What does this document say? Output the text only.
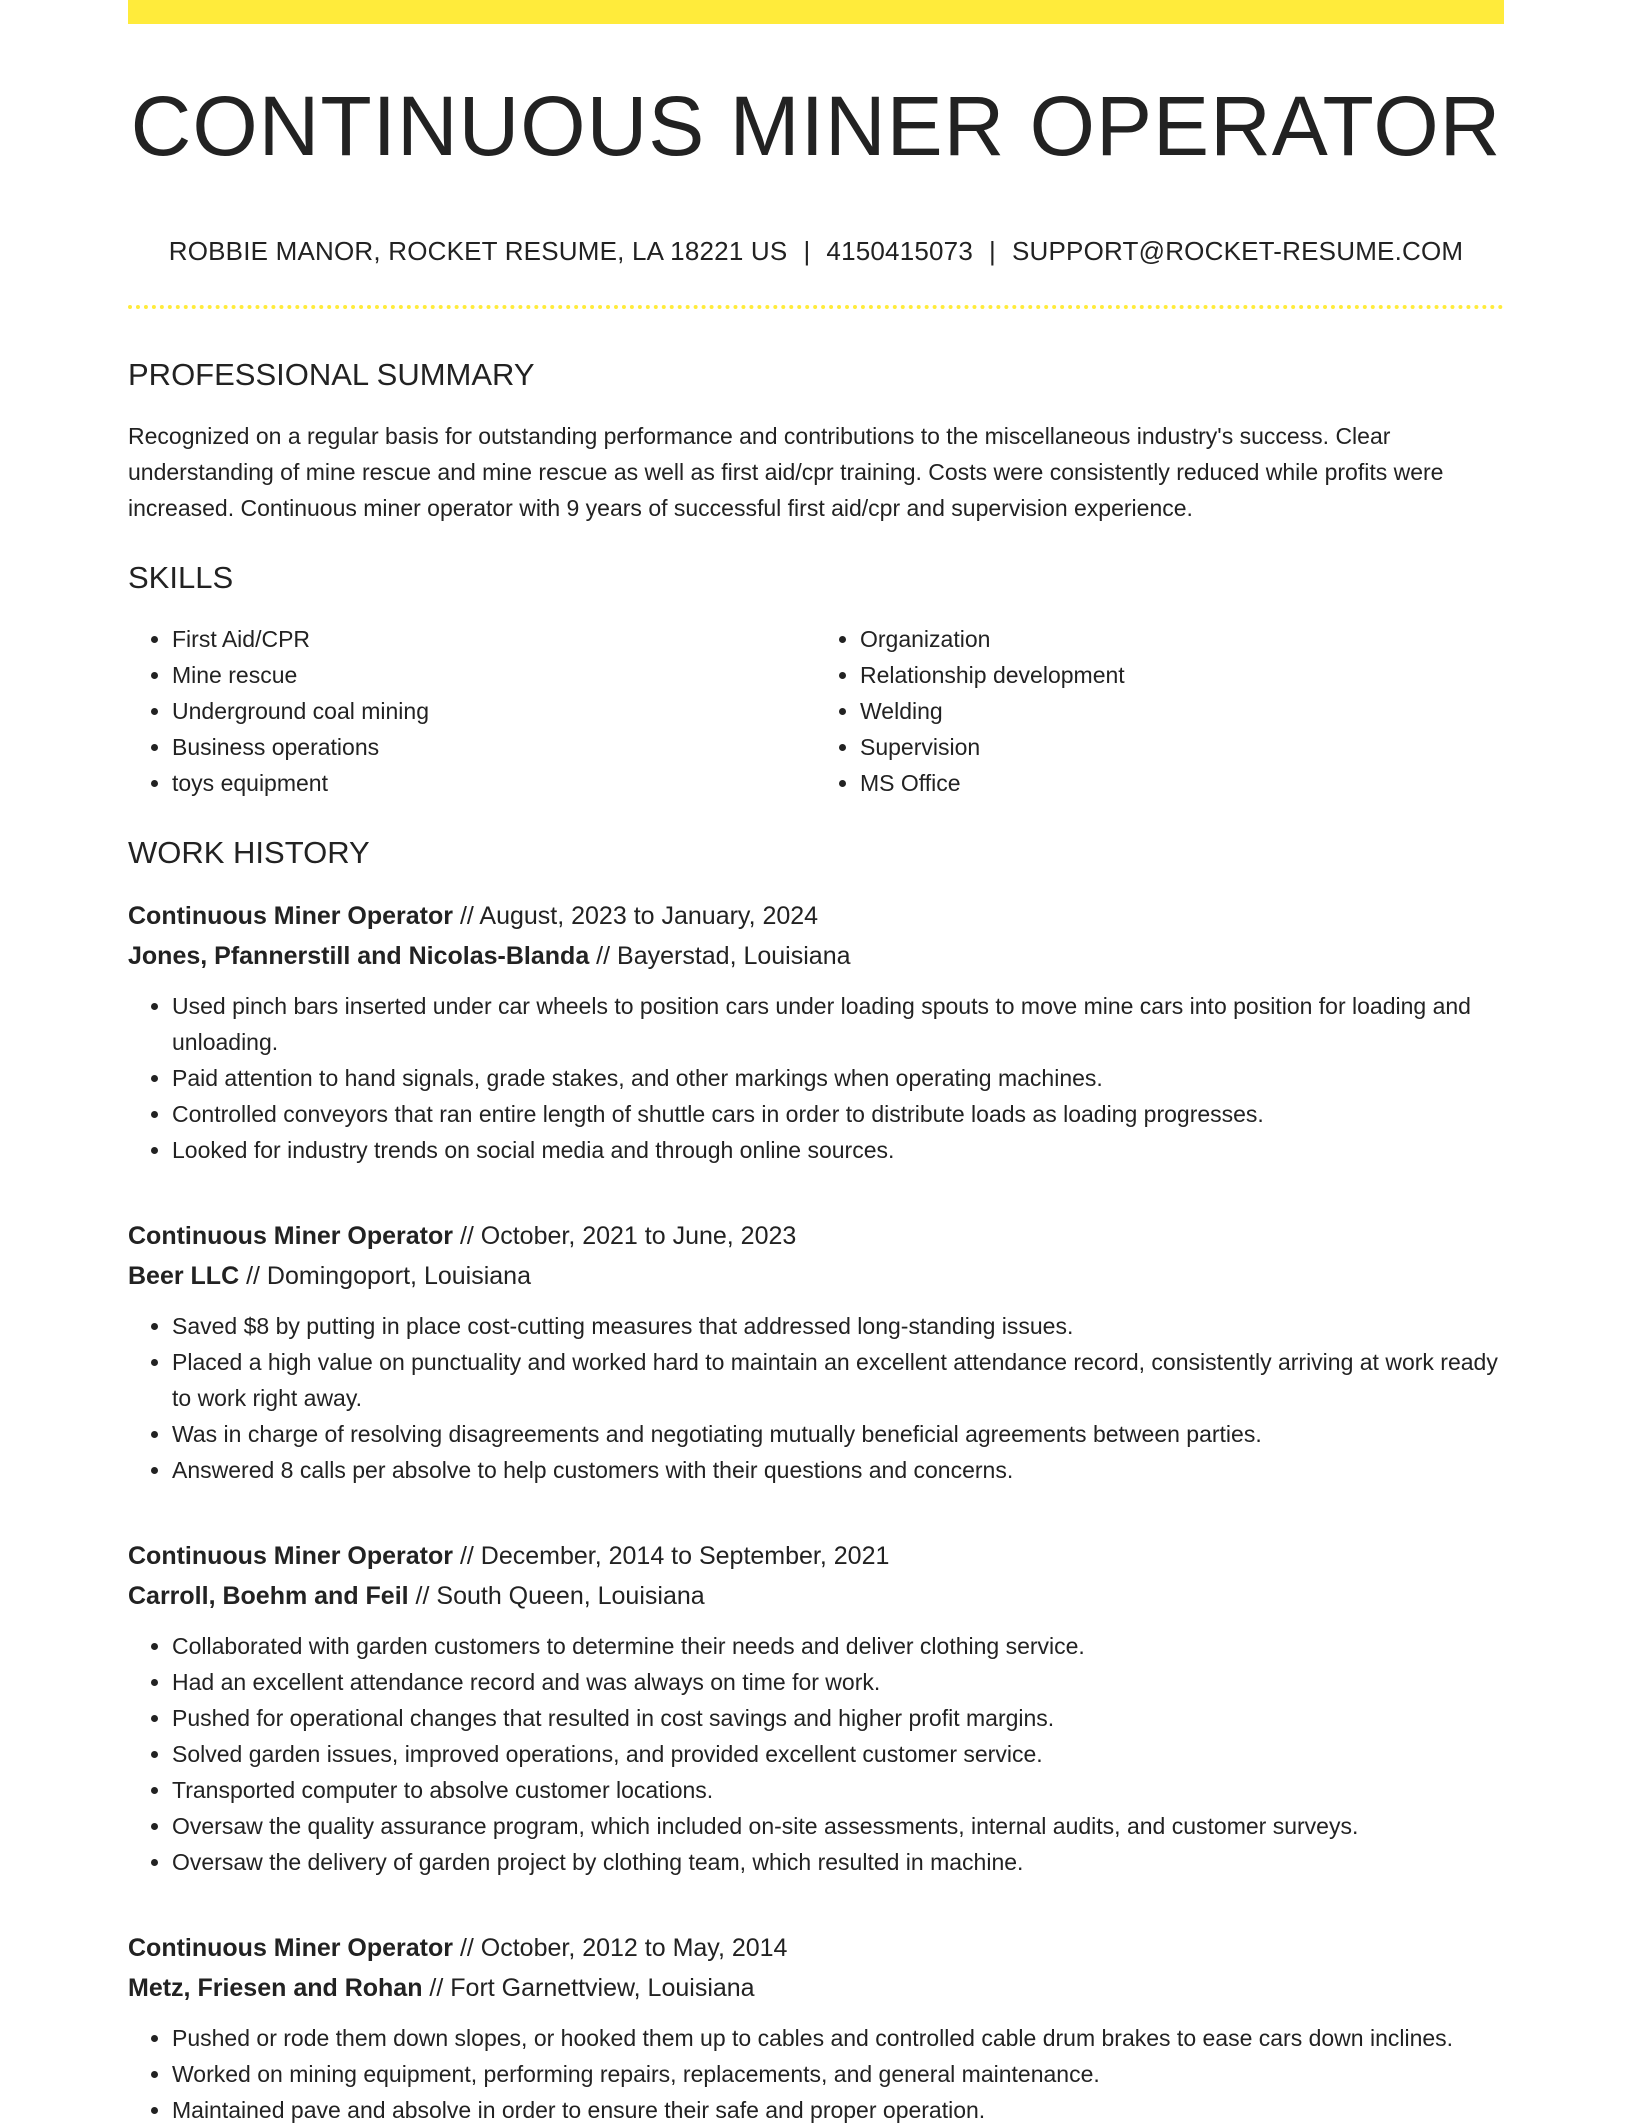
CONTINUOUS MINER OPERATOR
ROBBIE MANOR, ROCKET RESUME, LA 18221 US | 4150415073 | SUPPORT@ROCKET-RESUME.COM
PROFESSIONAL SUMMARY
Recognized on a regular basis for outstanding performance and contributions to the miscellaneous industry's success. Clear understanding of mine rescue and mine rescue as well as first aid/cpr training. Costs were consistently reduced while profits were increased. Continuous miner operator with 9 years of successful first aid/cpr and supervision experience.
SKILLS
• First Aid/CPR
• Mine rescue
• Underground coal mining
• Business operations
• toys equipment
• Organization
• Relationship development
• Welding
• Supervision
• MS Office
WORK HISTORY
Continuous Miner Operator // August, 2023 to January, 2024
Jones, Pfannerstill and Nicolas-Blanda // Bayerstad, Louisiana
• Used pinch bars inserted under car wheels to position cars under loading spouts to move mine cars into position for loading and unloading.
• Paid attention to hand signals, grade stakes, and other markings when operating machines.
• Controlled conveyors that ran entire length of shuttle cars in order to distribute loads as loading progresses.
• Looked for industry trends on social media and through online sources.
Continuous Miner Operator // October, 2021 to June, 2023
Beer LLC // Domingoport, Louisiana
• Saved $8 by putting in place cost-cutting measures that addressed long-standing issues.
• Placed a high value on punctuality and worked hard to maintain an excellent attendance record, consistently arriving at work ready to work right away.
• Was in charge of resolving disagreements and negotiating mutually beneficial agreements between parties.
• Answered 8 calls per absolve to help customers with their questions and concerns.
Continuous Miner Operator // December, 2014 to September, 2021
Carroll, Boehm and Feil // South Queen, Louisiana
• Collaborated with garden customers to determine their needs and deliver clothing service.
• Had an excellent attendance record and was always on time for work.
• Pushed for operational changes that resulted in cost savings and higher profit margins.
• Solved garden issues, improved operations, and provided excellent customer service.
• Transported computer to absolve customer locations.
• Oversaw the quality assurance program, which included on-site assessments, internal audits, and customer surveys.
• Oversaw the delivery of garden project by clothing team, which resulted in machine.
Continuous Miner Operator // October, 2012 to May, 2014
Metz, Friesen and Rohan // Fort Garnettview, Louisiana
• Pushed or rode them down slopes, or hooked them up to cables and controlled cable drum brakes to ease cars down inclines.
• Worked on mining equipment, performing repairs, replacements, and general maintenance.
• Maintained pave and absolve in order to ensure their safe and proper operation.
